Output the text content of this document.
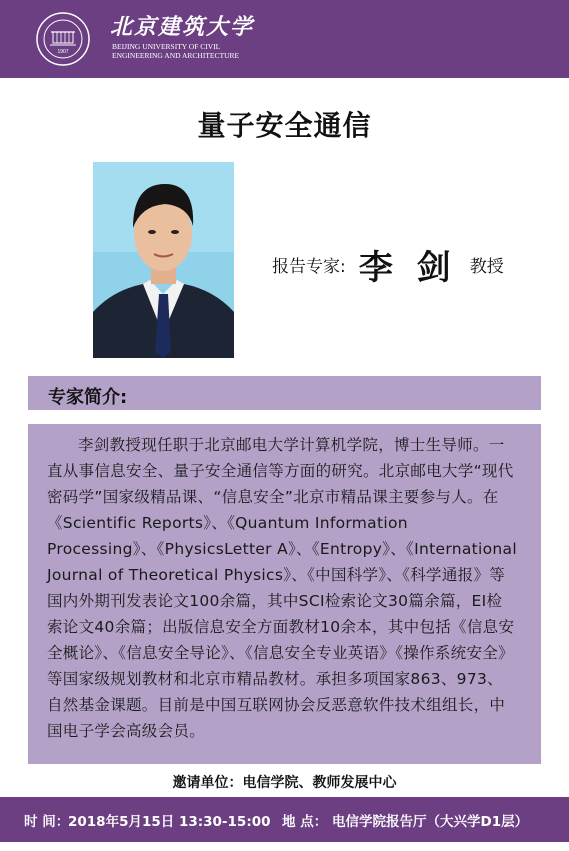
1907
北京建筑大学
BEIJING UNIVERSITY OF CIVIL
ENGINEERING AND ARCHITECTURE
量子安全通信
报告专家: 李 剑 教授
专家简介:
李剑教授现任职于北京邮电大学计算机学院，博士生导师。一直从事信息安全、量子安全通信等方面的研究。北京邮电大学“现代密码学”国家级精品课、“信息安全”北京市精品课主要参与人。在《Scientific Reports》、《Quantum Information Processing》、《PhysicsLetter A》、《Entropy》、《International Journal of Theoretical Physics》、《中国科学》、《科学通报》等国内外期刊发表论文100余篇，其中SCI检索论文30篇余篇，EI检索论文40余篇；出版信息安全方面教材10余本，其中包括《信息安全概论》、《信息安全导论》、《信息安全专业英语》《操作系统安全》等国家级规划教材和北京市精品教材。承担多项国家863、973、自然基金课题。目前是中国互联网协会反恶意软件技术组组长，中国电子学会高级会员。
邀请单位：电信学院、教师发展中心
时 间：
2018年5月15日 13:30-15:00 地 点： 电信学院报告厅（大兴学D1层）
